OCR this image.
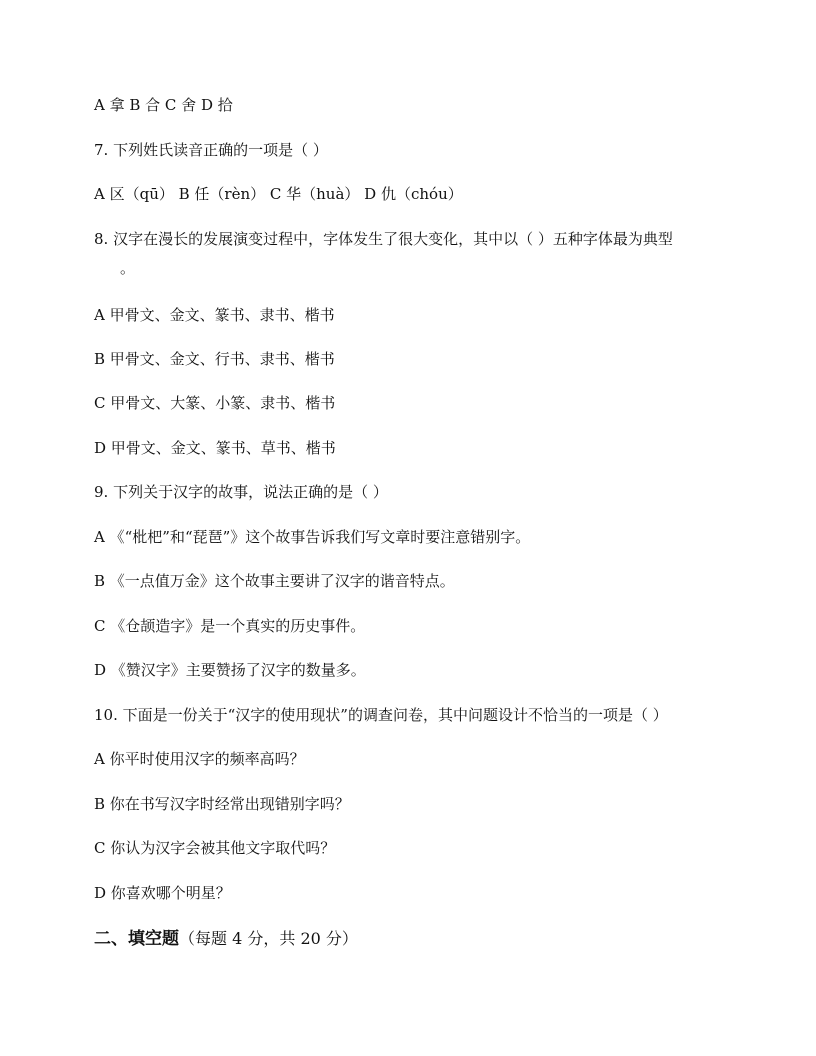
A 拿 B 合 C 舍 D 拾
7. 下列姓氏读音正确的一项是（ ）
A 区（qū） B 任（rèn） C 华（huà） D 仇（chóu）
8. 汉字在漫长的发展演变过程中，字体发生了很大变化，其中以（ ）五种字体最为典型
。
A 甲骨文、金文、篆书、隶书、楷书
B 甲骨文、金文、行书、隶书、楷书
C 甲骨文、大篆、小篆、隶书、楷书
D 甲骨文、金文、篆书、草书、楷书
9. 下列关于汉字的故事，说法正确的是（ ）
A 《“枇杷”和“琵琶”》这个故事告诉我们写文章时要注意错别字。
B 《一点值万金》这个故事主要讲了汉字的谐音特点。
C 《仓颉造字》是一个真实的历史事件。
D 《赞汉字》主要赞扬了汉字的数量多。
10. 下面是一份关于“汉字的使用现状”的调查问卷，其中问题设计不恰当的一项是（ ）
A 你平时使用汉字的频率高吗？
B 你在书写汉字时经常出现错别字吗？
C 你认为汉字会被其他文字取代吗？
D 你喜欢哪个明星？
二、填空题（每题 4 分，共 20 分）
